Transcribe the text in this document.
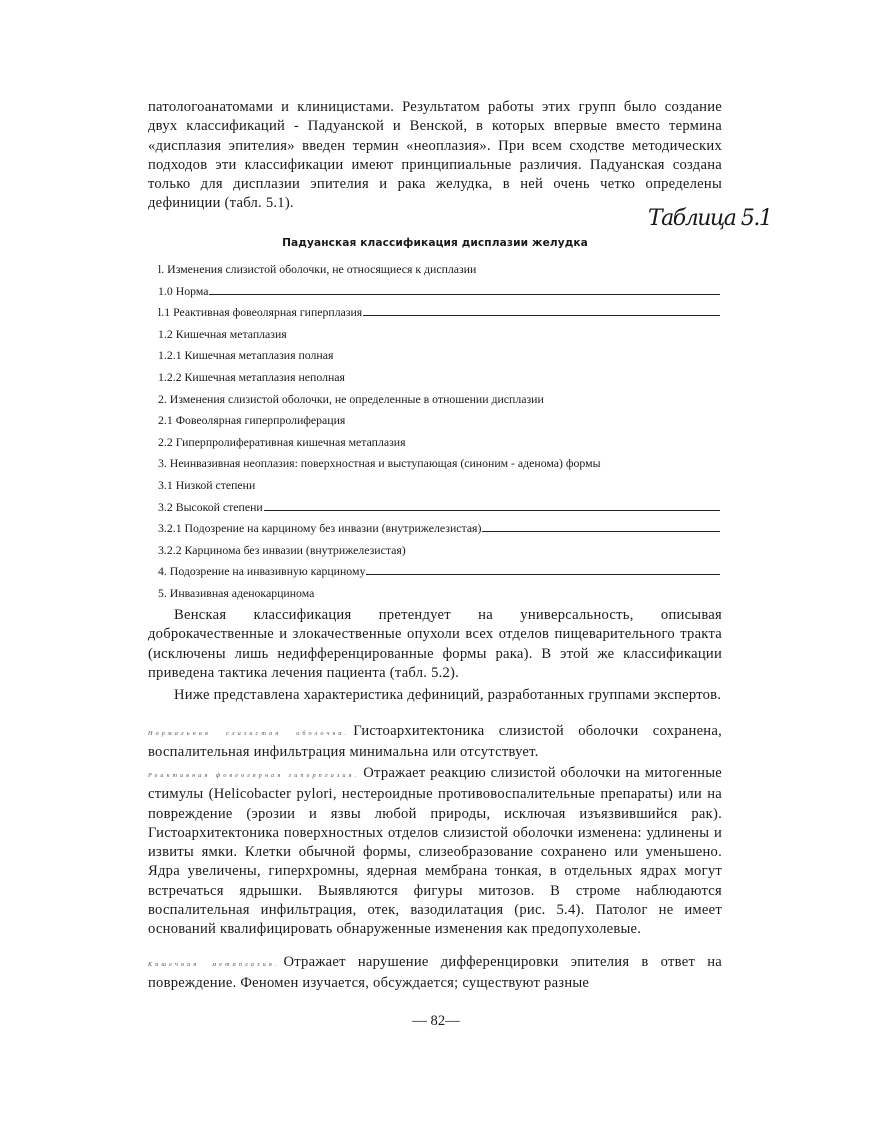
патологоанатомами и клиницистами. Результатом работы этих групп было создание двух классификаций - Падуанской и Венской, в которых впервые вместо термина «дисплазия эпителия» введен термин «неоплазия». При всем сходстве методических подходов эти классификации имеют принципиальные различия. Падуанская создана только для дисплазии эпителия и рака желудка, в ней очень четко определены дефиниции (табл. 5.1).

Таблица 5.1
Падуанская классификация дисплазии желудка
l. Изменения слизистой оболочки, не относящиеся к дисплазии
1.0 Норма
l.1 Реактивная фовеолярная гиперплазия
1.2 Кишечная метаплазия
1.2.1 Кишечная метаплазия полная
1.2.2 Кишечная метаплазия неполная
2. Изменения слизистой оболочки, не определенные в отношении дисплазии
2.1 Фовеолярная гиперпролиферация
2.2 Гиперпролиферативная кишечная метаплазия
3. Неинвазивная неоплазия: поверхностная и выступающая (синоним - аденома) формы
3.1 Низкой степени
3.2 Высокой степени
3.2.1 Подозрение на карциному без инвазии (внутрижелезистая)
3.2.2 Карцинома без инвазии (внутрижелезистая)
4. Подозрение на инвазивную карциному
5. Инвазивная аденокарцинома

Венская классификация претендует на универсальность, описывая доброкачественные и злокачественные опухоли всех отделов пищеварительного тракта (исключены лишь недифференцированные формы рака). В этой же классификации приведена тактика лечения пациента (табл. 5.2).

Ниже представлена характеристика дефиниций, разработанных группами экспертов.

Нормальная слизистая оболочка. Гистоархитектоника слизистой оболочки сохранена, воспалительная инфильтрация минимальна или отсутствует.

Реактивная фовеолярная гиперплазия. Отражает реакцию слизистой оболочки на митогенные стимулы (Helicobacter pylori, нестероидные противовоспалительные препараты) или на повреждение (эрозии и язвы любой природы, исключая изъязвившийся рак). Гистоархитектоника поверхностных отделов слизистой оболочки изменена: удлинены и извиты ямки. Клетки обычной формы, слизеобразование сохранено или уменьшено. Ядра увеличены, гиперхромны, ядерная мембрана тонкая, в отдельных ядрах могут встречаться ядрышки. Выявляются фигуры митозов. В строме наблюдаются воспалительная инфильтрация, отек, вазодилатация (рис. 5.4). Патолог не имеет оснований квалифицировать обнаруженные изменения как предопухолевые.

Кишечная метаплазия. Отражает нарушение дифференцировки эпителия в ответ на повреждение. Феномен изучается, обсуждается; существуют разные

— 82—
